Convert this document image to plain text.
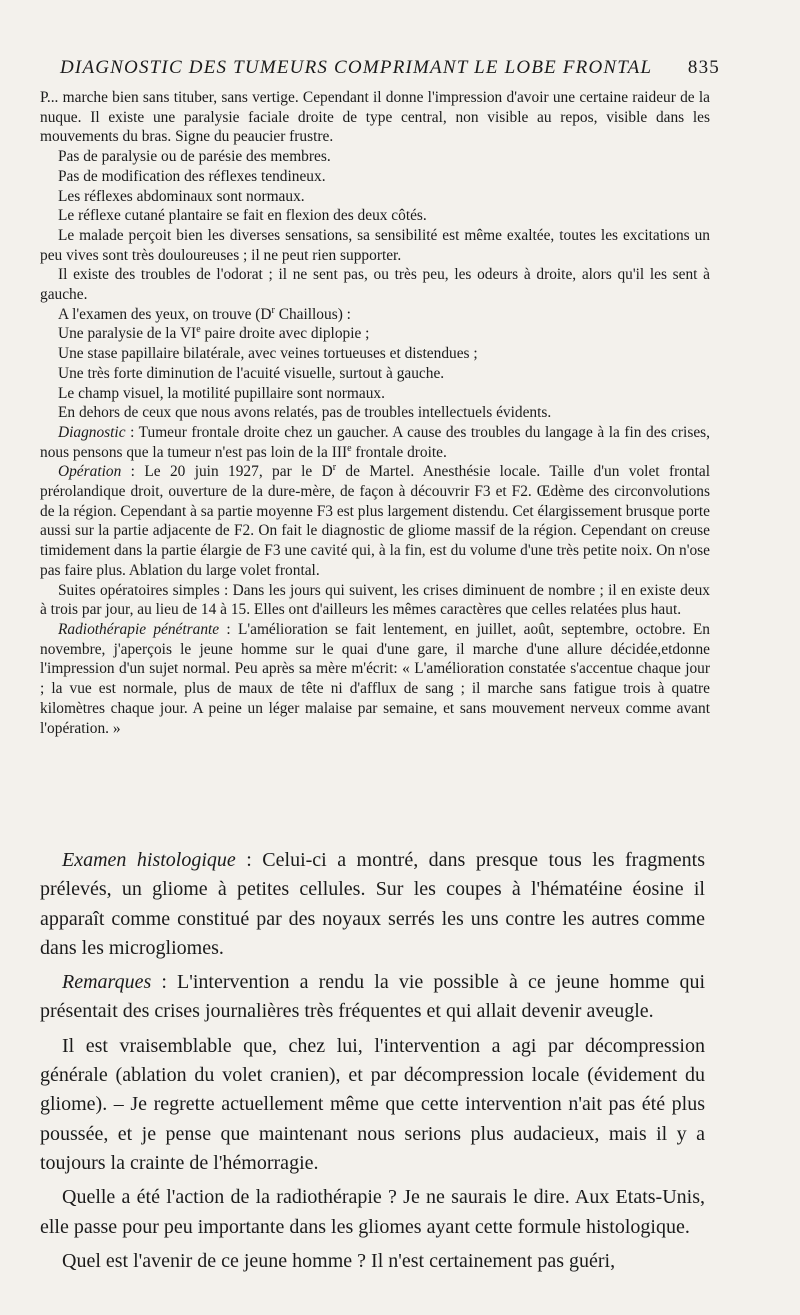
DIAGNOSTIC DES TUMEURS COMPRIMANT LE LOBE FRONTAL 835

P... marche bien sans tituber, sans vertige. Cependant il donne l'impression d'avoir une certaine raideur de la nuque. Il existe une paralysie faciale droite de type central, non visible au repos, visible dans les mouvements du bras. Signe du peaucier frustre.

Pas de paralysie ou de parésie des membres.

Pas de modification des réflexes tendineux.

Les réflexes abdominaux sont normaux.

Le réflexe cutané plantaire se fait en flexion des deux côtés.

Le malade perçoit bien les diverses sensations, sa sensibilité est même exaltée, toutes les excitations un peu vives sont très douloureuses ; il ne peut rien supporter.

Il existe des troubles de l'odorat ; il ne sent pas, ou très peu, les odeurs à droite, alors qu'il les sent à gauche.

A l'examen des yeux, on trouve ($D^r$ Chaillous) :

Une paralysie de la VIe paire droite avec diplopie ;

Une stase papillaire bilatérale, avec veines tortueuses et distendues ;

Une très forte diminution de l'acuité visuelle, surtout à gauche.

Le champ visuel, la motilité pupillaire sont normaux.

En dehors de ceux que nous avons relatés, pas de troubles intellectuels évidents.

Diagnostic : Tumeur frontale droite chez un gaucher. A cause des troubles du langage à la fin des crises, nous pensons que la tumeur n'est pas loin de la IIIe frontale droite.

Opération : Le 20 juin 1927, par le $D^r$ de Martel. Anesthésie locale. Taille d'un volet frontal prérolandique droit, ouverture de la dure-mère, de façon à découvrir F3 et F2. Œdème des circonvolutions de la région. Cependant à sa partie moyenne F3 est plus largement distendu. Cet élargissement brusque porte aussi sur la partie adjacente de F2. On fait le diagnostic de gliome massif de la région. Cependant on creuse timidement dans la partie élargie de F3 une cavité qui, à la fin, est du volume d'une très petite noix. On n'ose pas faire plus. Ablation du large volet frontal.

Suites opératoires simples : Dans les jours qui suivent, les crises diminuent de nombre ; il en existe deux à trois par jour, au lieu de 14 à 15. Elles ont d'ailleurs les mêmes caractères que celles relatées plus haut.

Radiothérapie pénétrante : L'amélioration se fait lentement, en juillet, août, septembre, octobre. En novembre, j'aperçois le jeune homme sur le quai d'une gare, il marche d'une allure décidée,etdonne l'impression d'un sujet normal. Peu après sa mère m'écrit: « L'amélioration constatée s'accentue chaque jour ; la vue est normale, plus de maux de tête ni d'afflux de sang ; il marche sans fatigue trois à quatre kilomètres chaque jour. A peine un léger malaise par semaine, et sans mouvement nerveux comme avant l'opération. »

Examen histologique : Celui-ci a montré, dans presque tous les fragments prélevés, un gliome à petites cellules. Sur les coupes à l'hématéine éosine il apparaît comme constitué par des noyaux serrés les uns contre les autres comme dans les microgliomes.

Remarques : L'intervention a rendu la vie possible à ce jeune homme qui présentait des crises journalières très fréquentes et qui allait devenir aveugle.

Il est vraisemblable que, chez lui, l'intervention a agi par décompression générale (ablation du volet cranien), et par décompression locale (évidement du gliome). – Je regrette actuellement même que cette intervention n'ait pas été plus poussée, et je pense que maintenant nous serions plus audacieux, mais il y a toujours la crainte de l'hémorragie.

Quelle a été l'action de la radiothérapie ? Je ne saurais le dire. Aux Etats-Unis, elle passe pour peu importante dans les gliomes ayant cette formule histologique.

Quel est l'avenir de ce jeune homme ? Il n'est certainement pas guéri,
